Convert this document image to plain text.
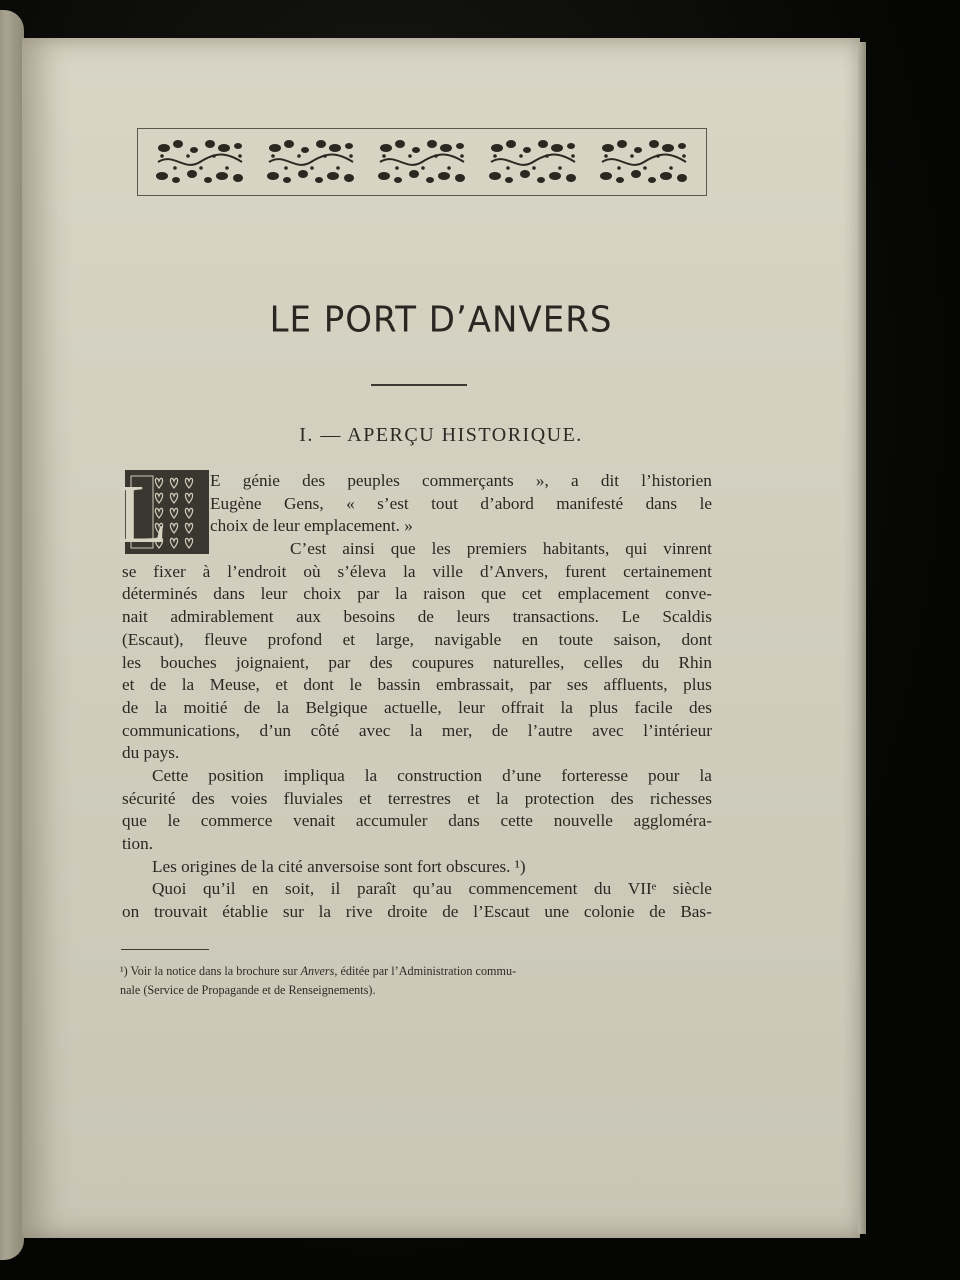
LE PORT D’ANVERS
I. — APERÇU HISTORIQUE.
L E génie des peuples commerçants », a dit l’historien
Eugène Gens, « s’est tout d’abord manifesté dans le
choix de leur emplacement. »
C’est ainsi que les premiers habitants, qui vinrent
se fixer à l’endroit où s’éleva la ville d’Anvers, furent certainement
déterminés dans leur choix par la raison que cet emplacement conve-
nait admirablement aux besoins de leurs transactions. Le Scaldis
(Escaut), fleuve profond et large, navigable en toute saison, dont
les bouches joignaient, par des coupures naturelles, celles du Rhin
et de la Meuse, et dont le bassin embrassait, par ses affluents, plus
de la moitié de la Belgique actuelle, leur offrait la plus facile des
communications, d’un côté avec la mer, de l’autre avec l’intérieur
du pays.
Cette position impliqua la construction d’une forteresse pour la
sécurité des voies fluviales et terrestres et la protection des richesses
que le commerce venait accumuler dans cette nouvelle aggloméra-
tion.
Les origines de la cité anversoise sont fort obscures. ¹)
Quoi qu’il en soit, il paraît qu’au commencement du VIIᵉ siècle
on trouvait établie sur la rive droite de l’Escaut une colonie de Bas-
¹) Voir la notice dans la brochure sur Anvers, éditée par l’Administration commu-
nale (Service de Propagande et de Renseignements).
